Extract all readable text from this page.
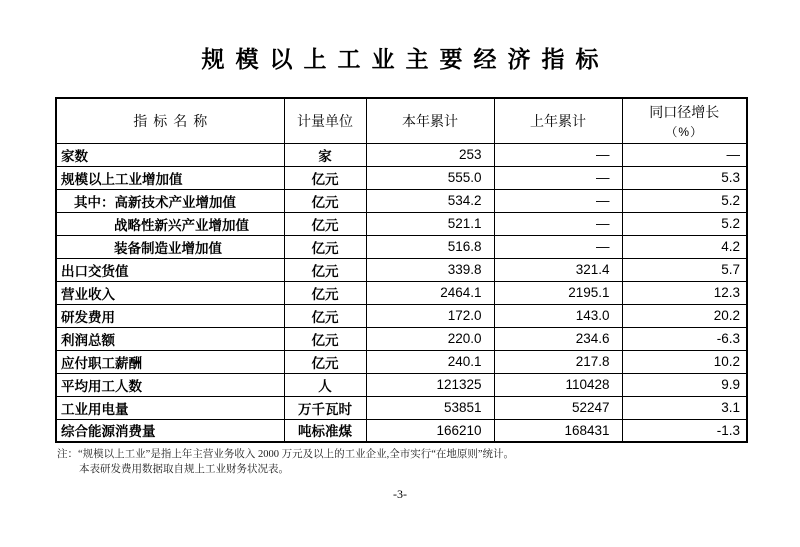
规模以上工业主要经济指标
指标名称	计量单位	本年累计	上年累计	同口径增长
（%）

家数	家	253	—	—
规模以上工业增加值	亿元	555.0	—	5.3
其中：高新技术产业增加值	亿元	534.2	—	5.2
战略性新兴产业增加值	亿元	521.1	—	5.2
装备制造业增加值	亿元	516.8	—	4.2
出口交货值	亿元	339.8	321.4	5.7
营业收入	亿元	2464.1	2195.1	12.3
研发费用	亿元	172.0	143.0	20.2
利润总额	亿元	220.0	234.6	-6.3
应付职工薪酬	亿元	240.1	217.8	10.2
平均用工人数	人	121325	110428	9.9
工业用电量	万千瓦时	53851	52247	3.1
综合能源消费量	吨标准煤	166210	168431	-1.3
注：“规模以上工业”是指上年主营业务收入 2000 万元及以上的工业企业,全市实行“在地原则”统计。
本表研发费用数据取自规上工业财务状况表。
-3-
